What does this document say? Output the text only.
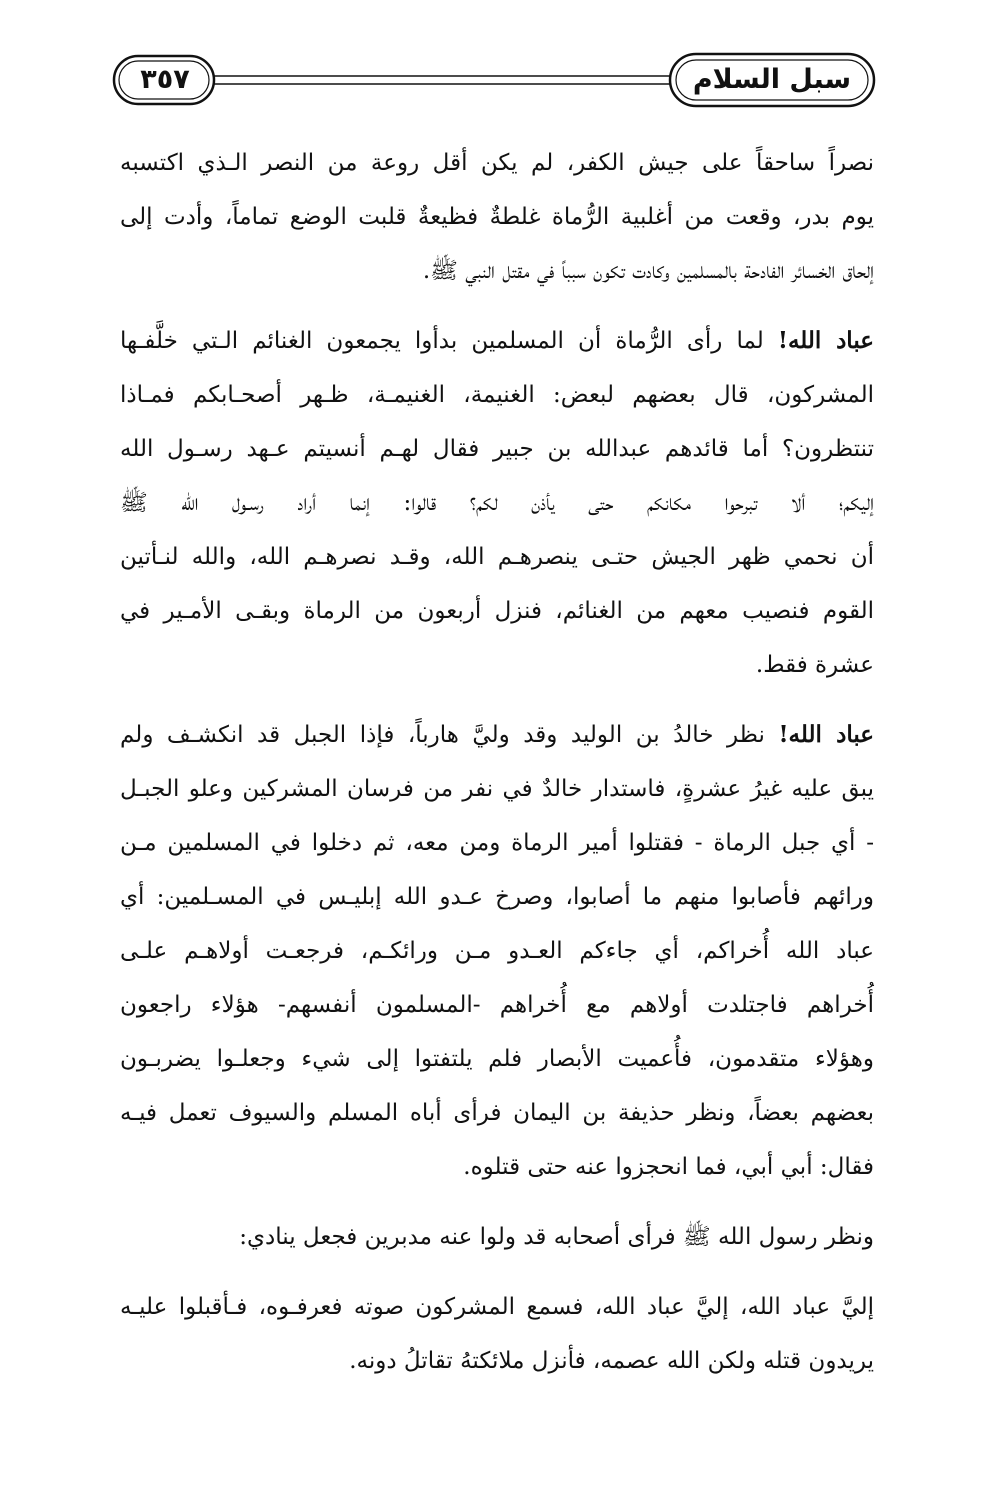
٣٥٧	سبل السلام
نصراً ساحقاً على جيش الكفر، لم يكن أقل روعة من النصر الـذي اكتسبه
يوم بدر، وقعت من أغلبية الرُّماة غلطةٌ فظيعةٌ قلبت الوضع تماماً، وأدت إلى
إلحاق الخسائر الفادحة بالمسلمين وكادت تكون سبباً في مقتل النبي ﷺ.
عباد الله! لما رأى الرُّماة أن المسلمين بدأوا يجمعون الغنائم الـتي خلَّفـها
المشركون، قال بعضهم لبعض: الغنيمة، الغنيمـة، ظـهر أصحـابكم فمـاذا
تنتظرون؟ أما قائدهم عبدالله بن جبير فقال لهـم أنسيتم عـهد رسـول الله
إليكم؛ ألا تبرحوا مكانكم حتى يأذن لكم؟ قالوا: إنما أراد رسـول الله ﷺ
أن نحمي ظهر الجيش حتـى ينصرهـم الله، وقـد نصرهـم الله، والله لنـأتين
القوم فنصيب معهم من الغنائم، فنزل أربعون من الرماة وبقـى الأمـير في
عشرة فقط.
عباد الله! نظر خالدُ بن الوليد وقد وليَّ هارباً، فإذا الجبل قد انكشـف ولم
يبق عليه غيرُ عشرةٍ، فاستدار خالدٌ في نفر من فرسان المشركين وعلو الجبـل
- أي جبل الرماة - فقتلوا أمير الرماة ومن معه، ثم دخلوا في المسلمين مـن
ورائهم فأصابوا منهم ما أصابوا، وصرخ عـدو الله إبليـس في المسـلمين: أي
عباد الله أُخراكم، أي جاءكم العـدو مـن ورائكـم، فرجعـت أولاهـم علـى
أُخراهم فاجتلدت أولاهم مع أُخراهم -المسلمون أنفسهم- هؤلاء راجعون
وهؤلاء متقدمون، فأُعميت الأبصار فلم يلتفتوا إلى شيء وجعلـوا يضربـون
بعضهم بعضاً، ونظر حذيفة بن اليمان فرأى أباه المسلم والسيوف تعمل فيـه
فقال: أبي أبي، فما انحجزوا عنه حتى قتلوه.
ونظر رسول الله ﷺ فرأى أصحابه قد ولوا عنه مدبرين فجعل ينادي:
إليَّ عباد الله، إليَّ عباد الله، فسمع المشركون صوته فعرفـوه، فـأقبلوا عليـه
يريدون قتله ولكن الله عصمه، فأنزل ملائكتهُ تقاتلُ دونه.
